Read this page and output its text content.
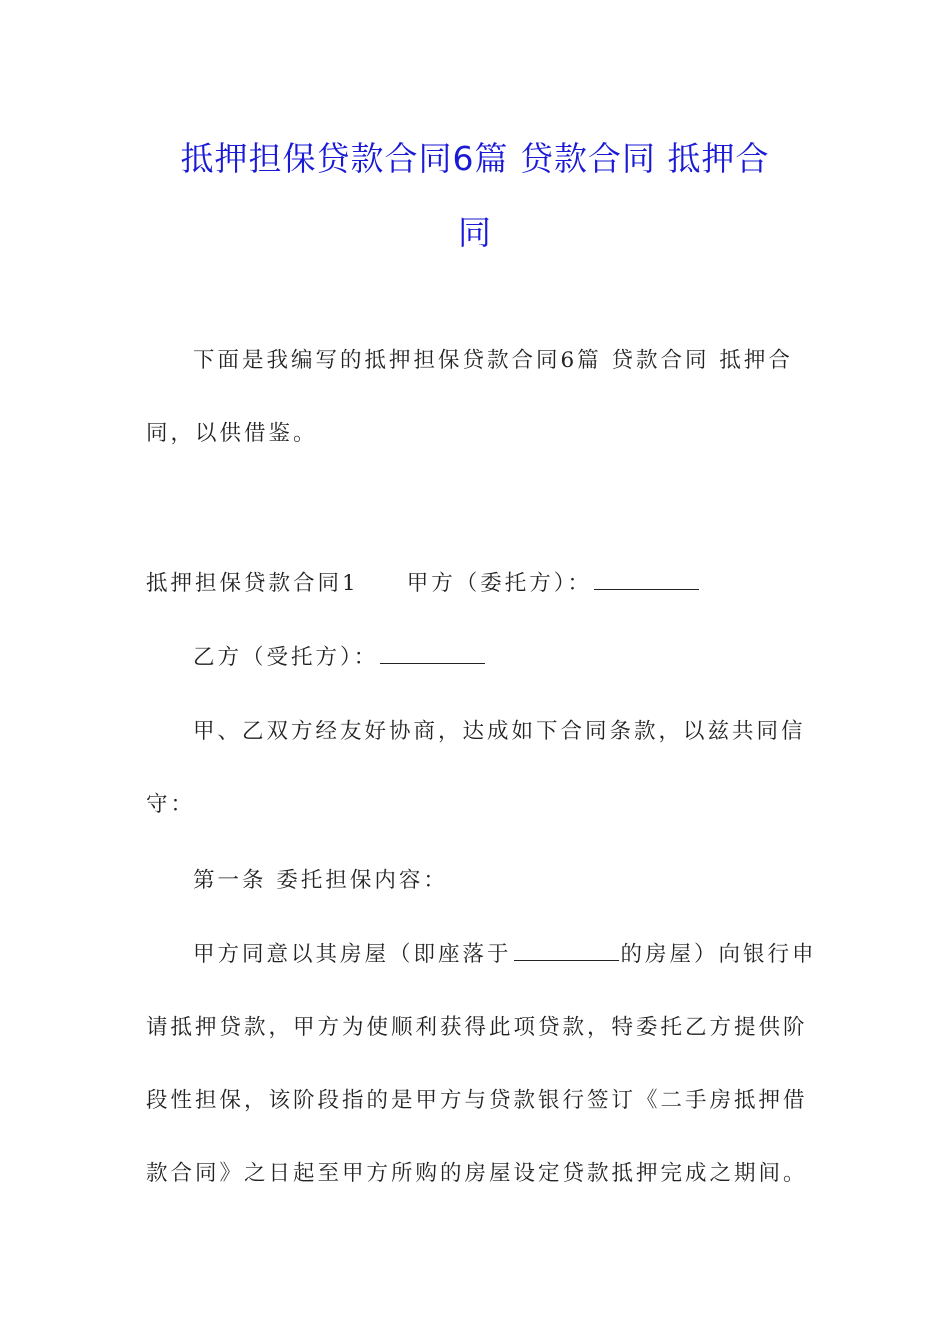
抵押担保贷款合同6篇 贷款合同 抵押合
同

下面是我编写的抵押担保贷款合同6篇 贷款合同 抵押合
同，以供借鉴。

抵押担保贷款合同1 甲方（委托方）：

乙方（受托方）：

甲、乙双方经友好协商，达成如下合同条款，以兹共同信
守：

第一条 委托担保内容：

甲方同意以其房屋（即座落于	的房屋）向银行申
请抵押贷款，甲方为使顺利获得此项贷款，特委托乙方提供阶
段性担保，该阶段指的是甲方与贷款银行签订《二手房抵押借
款合同》之日起至甲方所购的房屋设定贷款抵押完成之期间。
